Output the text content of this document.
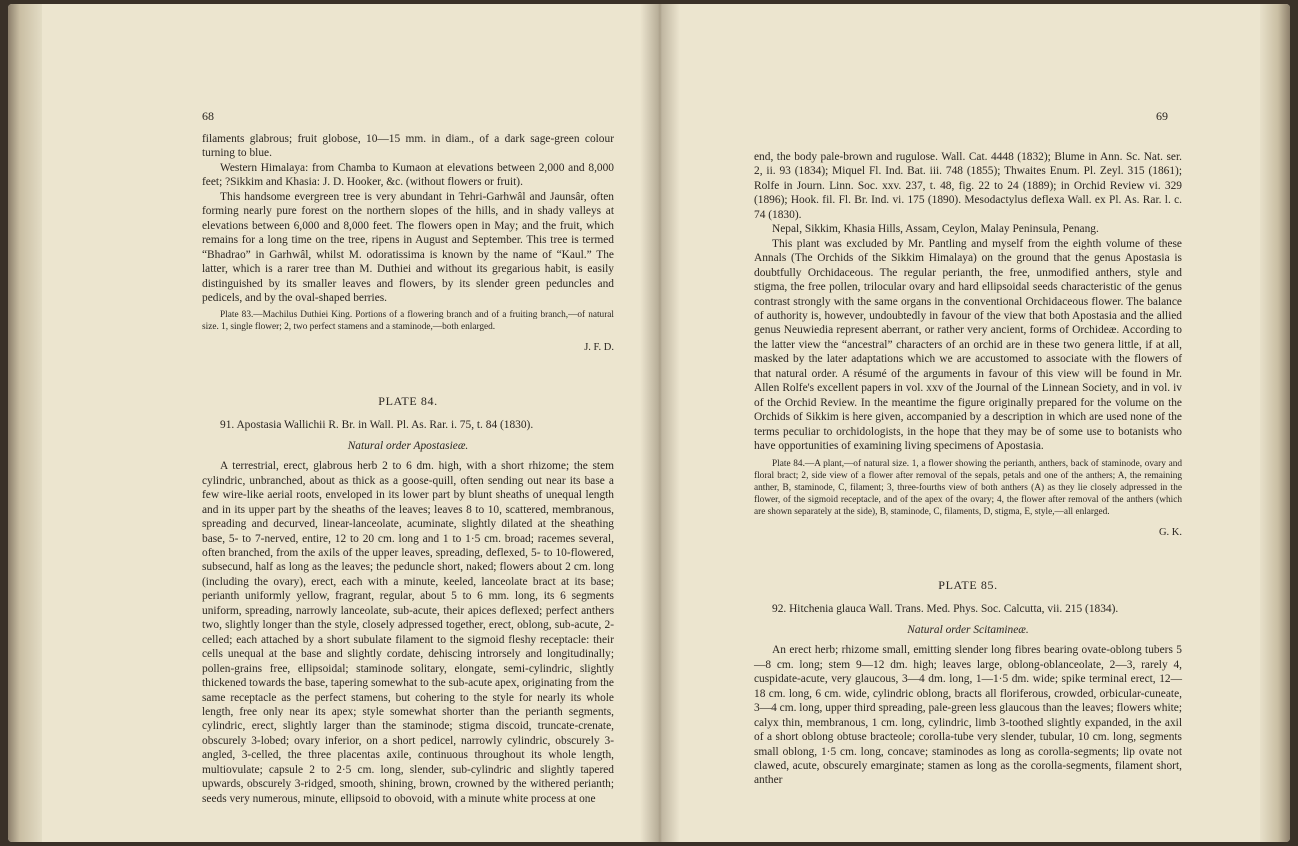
68	69

filaments glabrous; fruit globose, 10—15 mm. in diam., of a dark sage-green colour turning to blue.

Western Himalaya: from Chamba to Kumaon at elevations between 2,000 and 8,000 feet; ?Sikkim and Khasia: J. D. Hooker, &c. (without flowers or fruit).

This handsome evergreen tree is very abundant in Tehri-Garhwâl and Jaunsâr, often forming nearly pure forest on the northern slopes of the hills, and in shady valleys at elevations between 6,000 and 8,000 feet. The flowers open in May; and the fruit, which remains for a long time on the tree, ripens in August and September. This tree is termed “Bhadrao” in Garhwâl, whilst M. odoratissima is known by the name of “Kaul.” The latter, which is a rarer tree than M. Duthiei and without its gregarious habit, is easily distinguished by its smaller leaves and flowers, by its slender green peduncles and pedicels, and by the oval-shaped berries.

Plate 83.—Machilus Duthiei King. Portions of a flowering branch and of a fruiting branch,—of natural size. 1, single flower; 2, two perfect stamens and a staminode,—both enlarged.

J. F. D.
PLATE 84.

91. Apostasia Wallichii R. Br. in Wall. Pl. As. Rar. i. 75, t. 84 (1830).

Natural order Apostasieæ.

A terrestrial, erect, glabrous herb 2 to 6 dm. high, with a short rhizome; the stem cylindric, unbranched, about as thick as a goose-quill, often sending out near its base a few wire-like aerial roots, enveloped in its lower part by blunt sheaths of unequal length and in its upper part by the sheaths of the leaves; leaves 8 to 10, scattered, membranous, spreading and decurved, linear-lanceolate, acuminate, slightly dilated at the sheathing base, 5- to 7-nerved, entire, 12 to 20 cm. long and 1 to 1·5 cm. broad; racemes several, often branched, from the axils of the upper leaves, spreading, deflexed, 5- to 10-flowered, subsecund, half as long as the leaves; the peduncle short, naked; flowers about 2 cm. long (including the ovary), erect, each with a minute, keeled, lanceolate bract at its base; perianth uniformly yellow, fragrant, regular, about 5 to 6 mm. long, its 6 segments uniform, spreading, narrowly lanceolate, sub-acute, their apices deflexed; perfect anthers two, slightly longer than the style, closely adpressed together, erect, oblong, sub-acute, 2-celled; each attached by a short subulate filament to the sigmoid fleshy receptacle: their cells unequal at the base and slightly cordate, dehiscing introrsely and longitudinally; pollen-grains free, ellipsoidal; staminode solitary, elongate, semi-cylindric, slightly thickened towards the base, tapering somewhat to the sub-acute apex, originating from the same receptacle as the perfect stamens, but cohering to the style for nearly its whole length, free only near its apex; style somewhat shorter than the perianth segments, cylindric, erect, slightly larger than the staminode; stigma discoid, truncate-crenate, obscurely 3-lobed; ovary inferior, on a short pedicel, narrowly cylindric, obscurely 3-angled, 3-celled, the three placentas axile, continuous throughout its whole length, multiovulate; capsule 2 to 2·5 cm. long, slender, sub-cylindric and slightly tapered upwards, obscurely 3-ridged, smooth, shining, brown, crowned by the withered perianth; seeds very numerous, minute, ellipsoid to obovoid, with a minute white process at one

end, the body pale-brown and rugulose. Wall. Cat. 4448 (1832); Blume in Ann. Sc. Nat. ser. 2, ii. 93 (1834); Miquel Fl. Ind. Bat. iii. 748 (1855); Thwaites Enum. Pl. Zeyl. 315 (1861); Rolfe in Journ. Linn. Soc. xxv. 237, t. 48, fig. 22 to 24 (1889); in Orchid Review vi. 329 (1896); Hook. fil. Fl. Br. Ind. vi. 175 (1890). Mesodactylus deflexa Wall. ex Pl. As. Rar. l. c. 74 (1830).

Nepal, Sikkim, Khasia Hills, Assam, Ceylon, Malay Peninsula, Penang.

This plant was excluded by Mr. Pantling and myself from the eighth volume of these Annals (The Orchids of the Sikkim Himalaya) on the ground that the genus Apostasia is doubtfully Orchidaceous. The regular perianth, the free, unmodified anthers, style and stigma, the free pollen, trilocular ovary and hard ellipsoidal seeds characteristic of the genus contrast strongly with the same organs in the conventional Orchidaceous flower. The balance of authority is, however, undoubtedly in favour of the view that both Apostasia and the allied genus Neuwiedia represent aberrant, or rather very ancient, forms of Orchideæ. According to the latter view the “ancestral” characters of an orchid are in these two genera little, if at all, masked by the later adaptations which we are accustomed to associate with the flowers of that natural order. A résumé of the arguments in favour of this view will be found in Mr. Allen Rolfe's excellent papers in vol. xxv of the Journal of the Linnean Society, and in vol. iv of the Orchid Review. In the meantime the figure originally prepared for the volume on the Orchids of Sikkim is here given, accompanied by a description in which are used none of the terms peculiar to orchidologists, in the hope that they may be of some use to botanists who have opportunities of examining living specimens of Apostasia.

Plate 84.—A plant,—of natural size. 1, a flower showing the perianth, anthers, back of staminode, ovary and floral bract; 2, side view of a flower after removal of the sepals, petals and one of the anthers; A, the remaining anther, B, staminode, C, filament; 3, three-fourths view of both anthers (A) as they lie closely adpressed in the flower, of the sigmoid receptacle, and of the apex of the ovary; 4, the flower after removal of the anthers (which are shown separately at the side), B, staminode, C, filaments, D, stigma, E, style,—all enlarged.

G. K.
PLATE 85.

92. Hitchenia glauca Wall. Trans. Med. Phys. Soc. Calcutta, vii. 215 (1834).

Natural order Scitamineæ.

An erect herb; rhizome small, emitting slender long fibres bearing ovate-oblong tubers 5—8 cm. long; stem 9—12 dm. high; leaves large, oblong-oblanceolate, 2—3, rarely 4, cuspidate-acute, very glaucous, 3—4 dm. long, 1—1·5 dm. wide; spike terminal erect, 12—18 cm. long, 6 cm. wide, cylindric oblong, bracts all floriferous, crowded, orbicular-cuneate, 3—4 cm. long, upper third spreading, pale-green less glaucous than the leaves; flowers white; calyx thin, membranous, 1 cm. long, cylindric, limb 3-toothed slightly expanded, in the axil of a short oblong obtuse bracteole; corolla-tube very slender, tubular, 10 cm. long, segments small oblong, 1·5 cm. long, concave; staminodes as long as corolla-segments; lip ovate not clawed, acute, obscurely emarginate; stamen as long as the corolla-segments, filament short, anther
